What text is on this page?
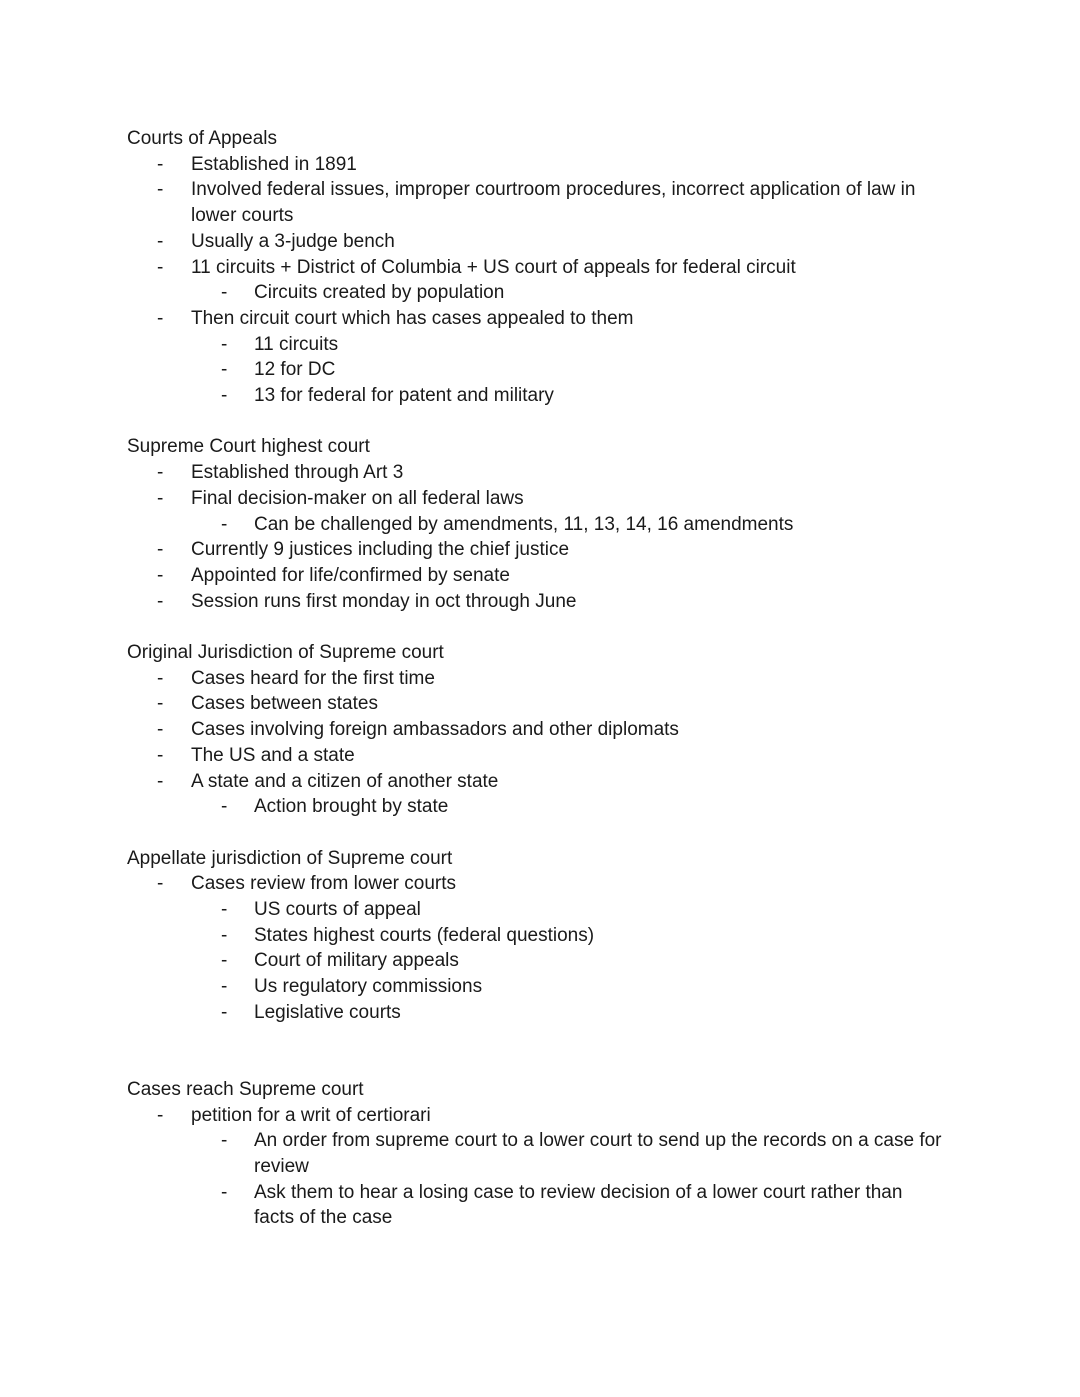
Courts of Appeals
- Established in 1891
- Involved federal issues, improper courtroom procedures, incorrect application of law in lower courts
- Usually a 3-judge bench
- 11 circuits + District of Columbia + US court of appeals for federal circuit
- Circuits created by population
- Then circuit court which has cases appealed to them
- 11 circuits
- 12 for DC
- 13 for federal for patent and military
Supreme Court highest court
- Established through Art 3
- Final decision-maker on all federal laws
- Can be challenged by amendments, 11, 13, 14, 16 amendments
- Currently 9 justices including the chief justice
- Appointed for life/confirmed by senate
- Session runs first monday in oct through June
Original Jurisdiction of Supreme court
- Cases heard for the first time
- Cases between states
- Cases involving foreign ambassadors and other diplomats
- The US and a state
- A state and a citizen of another state
- Action brought by state
Appellate jurisdiction of Supreme court
- Cases review from lower courts
- US courts of appeal
- States highest courts (federal questions)
- Court of military appeals
- Us regulatory commissions
- Legislative courts
Cases reach Supreme court
- petition for a writ of certiorari
- An order from supreme court to a lower court to send up the records on a case for review
- Ask them to hear a losing case to review decision of a lower court rather than facts of the case
